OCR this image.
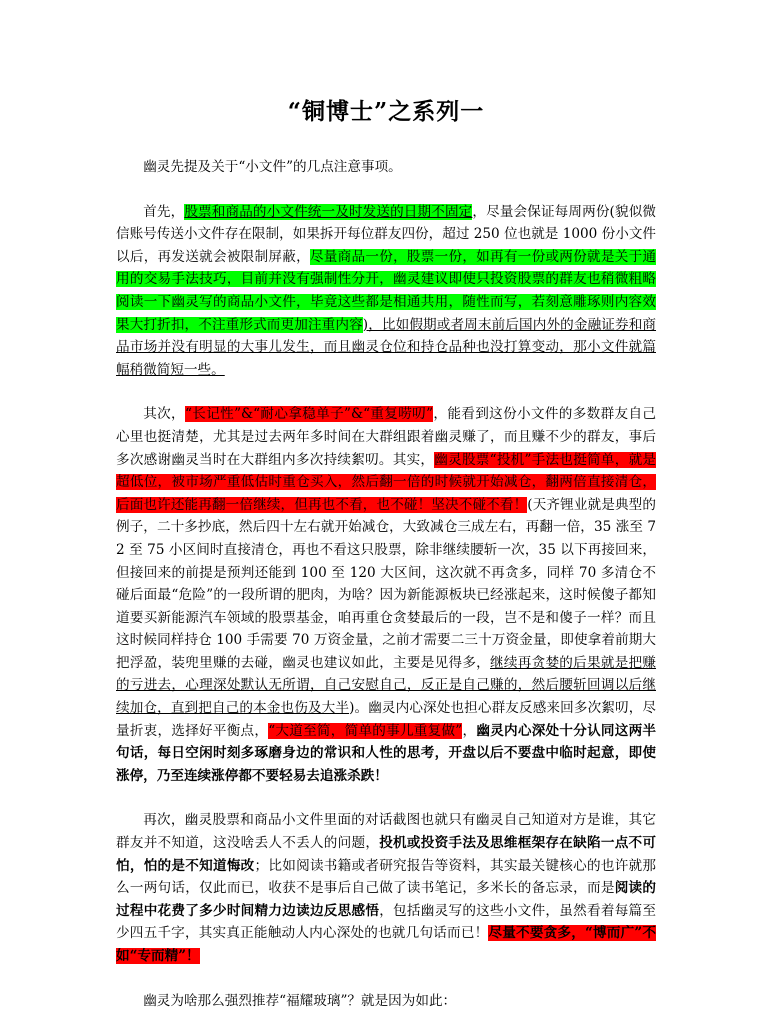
“铜博士”之系列一

幽灵先提及关于“小文件”的几点注意事项。

首先，股票和商品的小文件统一及时发送的日期不固定，尽量会保证每周两份(貌似微信账号传送小文件存在限制，如果拆开每位群友四份，超过 250 位也就是 1000 份小文件以后，再发送就会被限制屏蔽，尽量商品一份，股票一份，如再有一份或两份就是关于通用的交易手法技巧，目前并没有强制性分开，幽灵建议即使只投资股票的群友也稍微粗略阅读一下幽灵写的商品小文件，毕竟这些都是相通共用，随性而写，若刻意雕琢则内容效果大打折扣，不注重形式而更加注重内容)，比如假期或者周末前后国内外的金融证券和商品市场并没有明显的大事儿发生，而且幽灵仓位和持仓品种也没打算变动，那小文件就篇幅稍微简短一些。

其次，“长记性”&“耐心拿稳单子”&“重复唠叨”，能看到这份小文件的多数群友自己心里也挺清楚，尤其是过去两年多时间在大群组跟着幽灵赚了，而且赚不少的群友，事后多次感谢幽灵当时在大群组内多次持续絮叨。其实，幽灵股票“投机”手法也挺简单，就是超低位，被市场严重低估时重仓买入，然后翻一倍的时候就开始减仓，翻两倍直接清仓，后面也许还能再翻一倍继续，但再也不看，也不碰！坚决不碰不看！(天齐锂业就是典型的例子，二十多抄底，然后四十左右就开始减仓，大致减仓三成左右，再翻一倍，35 涨至 72 至 75 小区间时直接清仓，再也不看这只股票，除非继续腰斩一次，35 以下再接回来，但接回来的前提是预判还能到 100 至 120 大区间，这次就不再贪多，同样 70 多清仓不碰后面最“危险”的一段所谓的肥肉，为啥？因为新能源板块已经涨起来，这时候傻子都知道要买新能源汽车领域的股票基金，咱再重仓贪婪最后的一段，岂不是和傻子一样？而且这时候同样持仓 100 手需要 70 万资金量，之前才需要二三十万资金量，即使拿着前期大把浮盈，装兜里赚的去碰，幽灵也建议如此，主要是见得多，继续再贪婪的后果就是把赚的亏进去，心理深处默认无所谓，自己安慰自己，反正是自己赚的，然后腰斩回调以后继续加仓，直到把自己的本金也伤及大半)。幽灵内心深处也担心群友反感来回多次絮叨，尽量折衷，选择好平衡点，“大道至简，简单的事儿重复做”，幽灵内心深处十分认同这两半句话，每日空闲时刻多琢磨身边的常识和人性的思考，开盘以后不要盘中临时起意，即使涨停，乃至连续涨停都不要轻易去追涨杀跌！

再次，幽灵股票和商品小文件里面的对话截图也就只有幽灵自己知道对方是谁，其它群友并不知道，这没啥丢人不丢人的问题，投机或投资手法及思维框架存在缺陷一点不可怕，怕的是不知道悔改；比如阅读书籍或者研究报告等资料，其实最关键核心的也许就那么一两句话，仅此而已，收获不是事后自己做了读书笔记，多米长的备忘录，而是阅读的过程中花费了多少时间精力边读边反思感悟，包括幽灵写的这些小文件，虽然看着每篇至少四五千字，其实真正能触动人内心深处的也就几句话而已！尽量不要贪多，“博而广”不如“专而精”！

幽灵为啥那么强烈推荐“福耀玻璃”？就是因为如此：
